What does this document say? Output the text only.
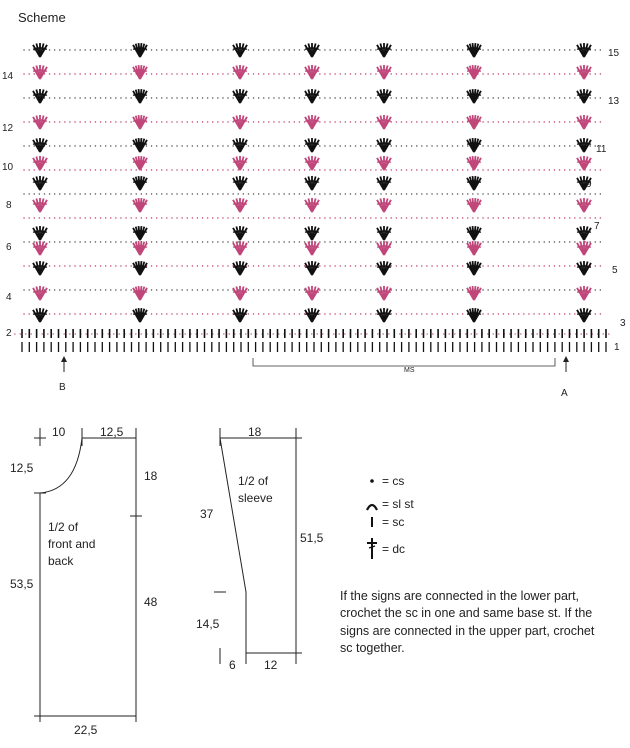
Scheme
2
4
6
8
10
12
14
1
3
5
7
9
11
13
15
B
A
MS
10	12,5
12,5
18
53,5
48
22,5
1/2 of
front and
back
18
37
14,5
51,5
6 12
1/2 of
sleeve
= cs
= sl st
= sc
= dc
If the signs are connected in the lower part, crochet the sc in one and same base st. If the signs are connected in the upper part, crochet sc together.
